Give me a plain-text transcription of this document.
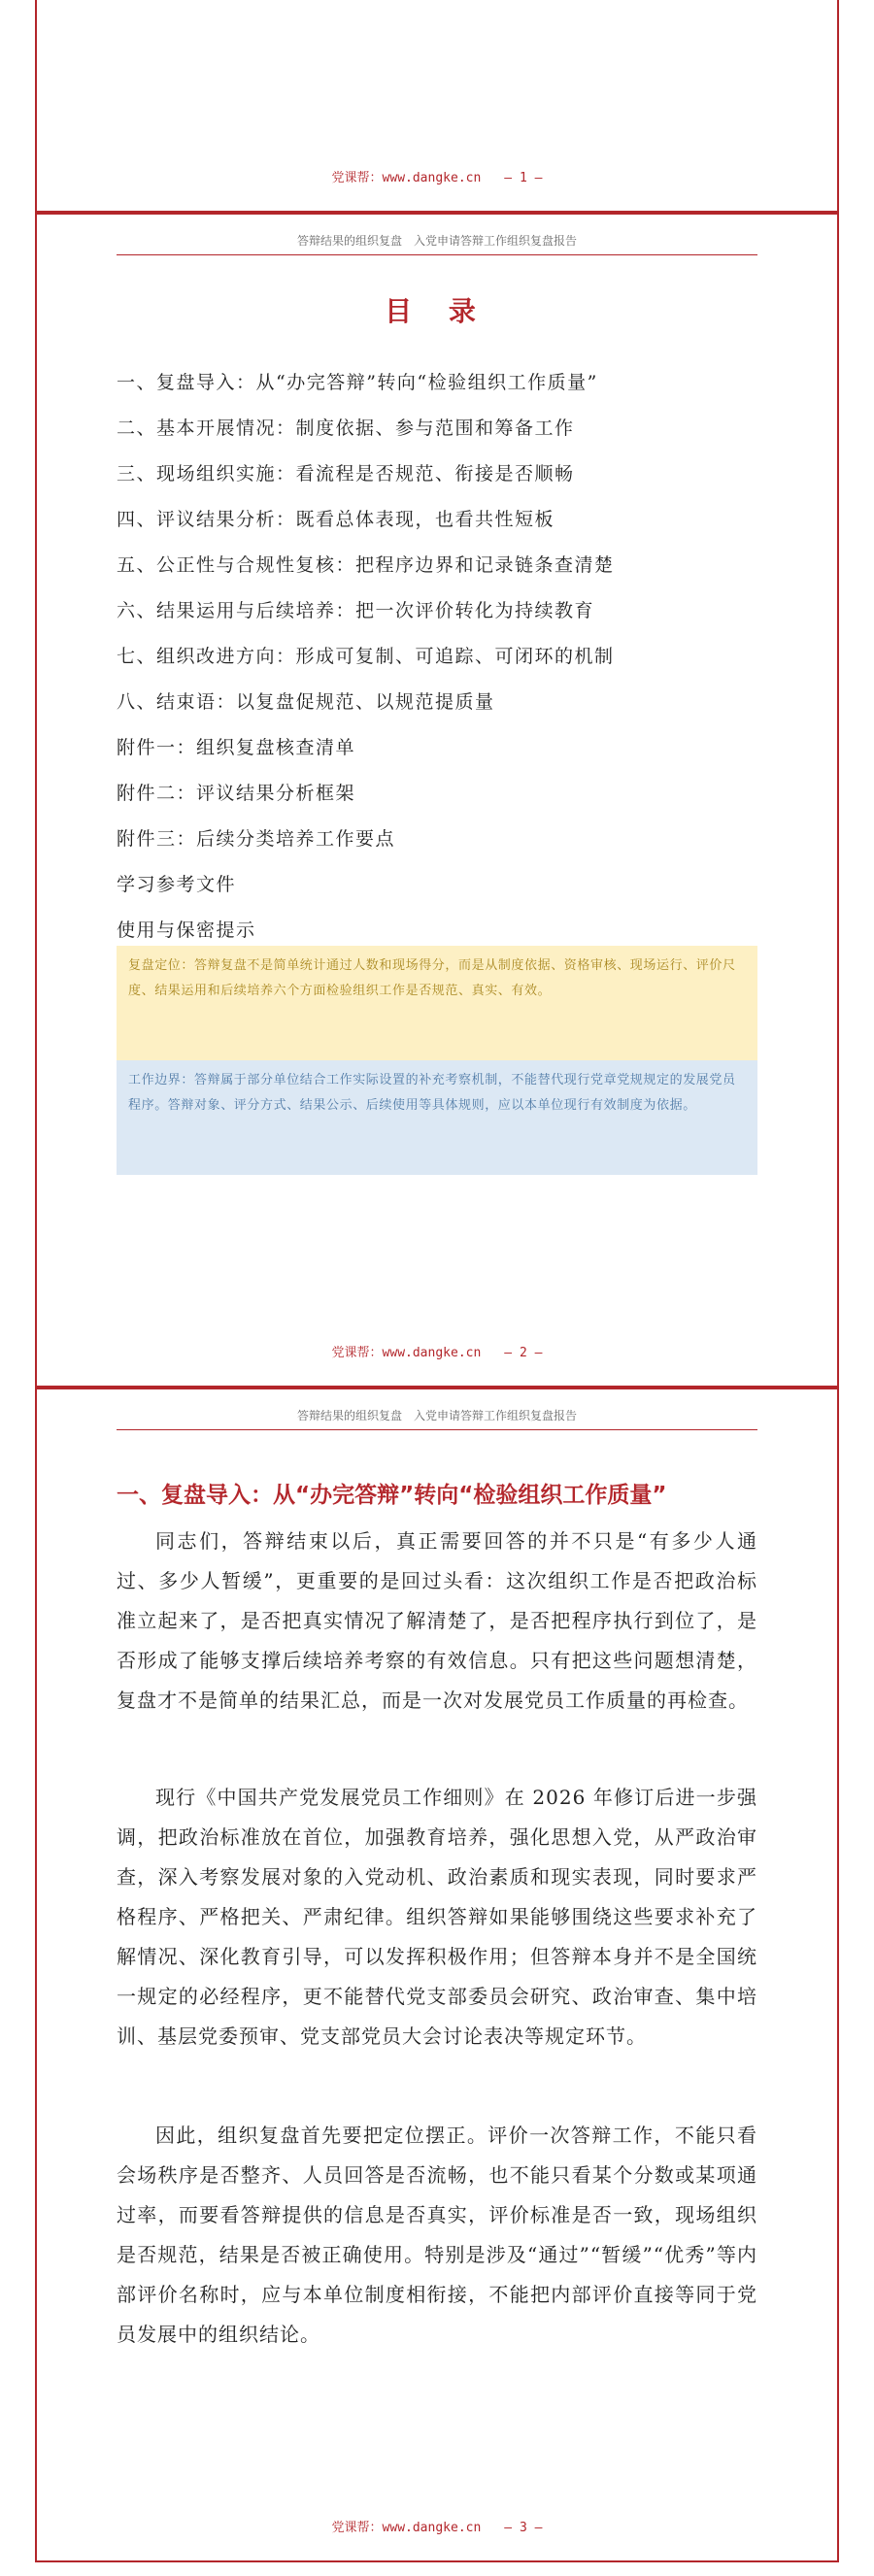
党课帮：www.dangke.cn — 1 —
答辩结果的组织复盘　入党申请答辩工作组织复盘报告
目 录
一、复盘导入：从“办完答辩”转向“检验组织工作质量”
二、基本开展情况：制度依据、参与范围和筹备工作
三、现场组织实施：看流程是否规范、衔接是否顺畅
四、评议结果分析：既看总体表现，也看共性短板
五、公正性与合规性复核：把程序边界和记录链条查清楚
六、结果运用与后续培养：把一次评价转化为持续教育
七、组织改进方向：形成可复制、可追踪、可闭环的机制
八、结束语：以复盘促规范、以规范提质量
附件一：组织复盘核查清单
附件二：评议结果分析框架
附件三：后续分类培养工作要点
学习参考文件
使用与保密提示
复盘定位：答辩复盘不是简单统计通过人数和现场得分，而是从制度依据、资格审核、现场运行、评价尺度、结果运用和后续培养六个方面检验组织工作是否规范、真实、有效。
工作边界：答辩属于部分单位结合工作实际设置的补充考察机制，不能替代现行党章党规规定的发展党员程序。答辩对象、评分方式、结果公示、后续使用等具体规则，应以本单位现行有效制度为依据。
党课帮：www.dangke.cn — 2 —
答辩结果的组织复盘　入党申请答辩工作组织复盘报告
一、复盘导入：从“办完答辩”转向“检验组织工作质量”

同志们，答辩结束以后，真正需要回答的并不只是“有多少人通过、多少人暂缓”，更重要的是回过头看：这次组织工作是否把政治标准立起来了，是否把真实情况了解清楚了，是否把程序执行到位了，是否形成了能够支撑后续培养考察的有效信息。只有把这些问题想清楚，复盘才不是简单的结果汇总，而是一次对发展党员工作质量的再检查。

现行《中国共产党发展党员工作细则》在 2026 年修订后进一步强调，把政治标准放在首位，加强教育培养，强化思想入党，从严政治审查，深入考察发展对象的入党动机、政治素质和现实表现，同时要求严格程序、严格把关、严肃纪律。组织答辩如果能够围绕这些要求补充了解情况、深化教育引导，可以发挥积极作用；但答辩本身并不是全国统一规定的必经程序，更不能替代党支部委员会研究、政治审查、集中培训、基层党委预审、党支部党员大会讨论表决等规定环节。

因此，组织复盘首先要把定位摆正。评价一次答辩工作，不能只看会场秩序是否整齐、人员回答是否流畅，也不能只看某个分数或某项通过率，而要看答辩提供的信息是否真实，评价标准是否一致，现场组织是否规范，结果是否被正确使用。特别是涉及“通过”“暂缓”“优秀”等内部评价名称时，应与本单位制度相衔接，不能把内部评价直接等同于党员发展中的组织结论。

党课帮：www.dangke.cn — 3 —
